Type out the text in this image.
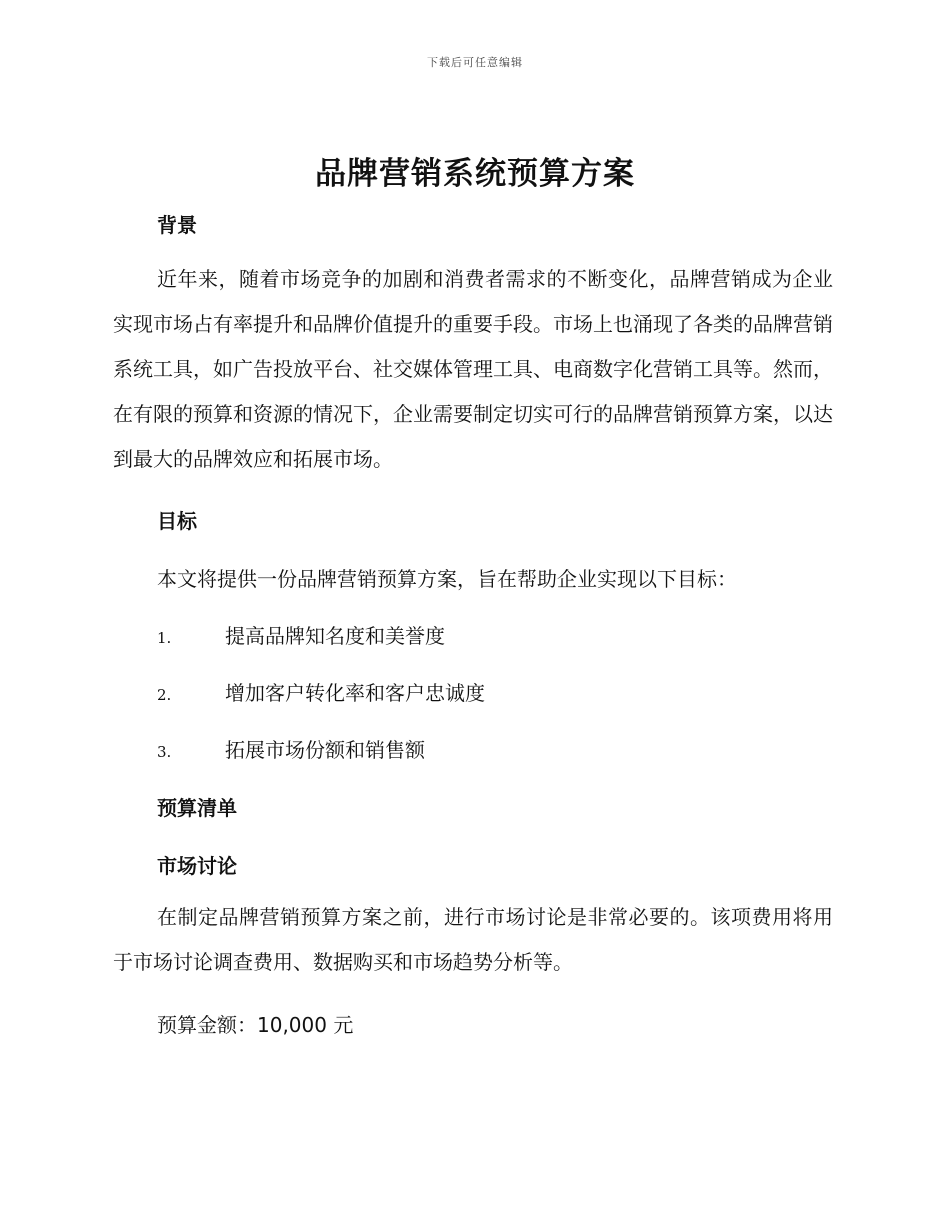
下载后可任意编辑
品牌营销系统预算方案
背景
近年来，随着市场竞争的加剧和消费者需求的不断变化，品牌营销成为企业实现市场占有率提升和品牌价值提升的重要手段。市场上也涌现了各类的品牌营销系统工具，如广告投放平台、社交媒体管理工具、电商数字化营销工具等。然而，在有限的预算和资源的情况下，企业需要制定切实可行的品牌营销预算方案，以达到最大的品牌效应和拓展市场。
目标
本文将提供一份品牌营销预算方案，旨在帮助企业实现以下目标：
1.	提高品牌知名度和美誉度
2.	增加客户转化率和客户忠诚度
3.	拓展市场份额和销售额
预算清单
市场讨论
在制定品牌营销预算方案之前，进行市场讨论是非常必要的。该项费用将用于市场讨论调查费用、数据购买和市场趋势分析等。
预算金额：10,000 元
